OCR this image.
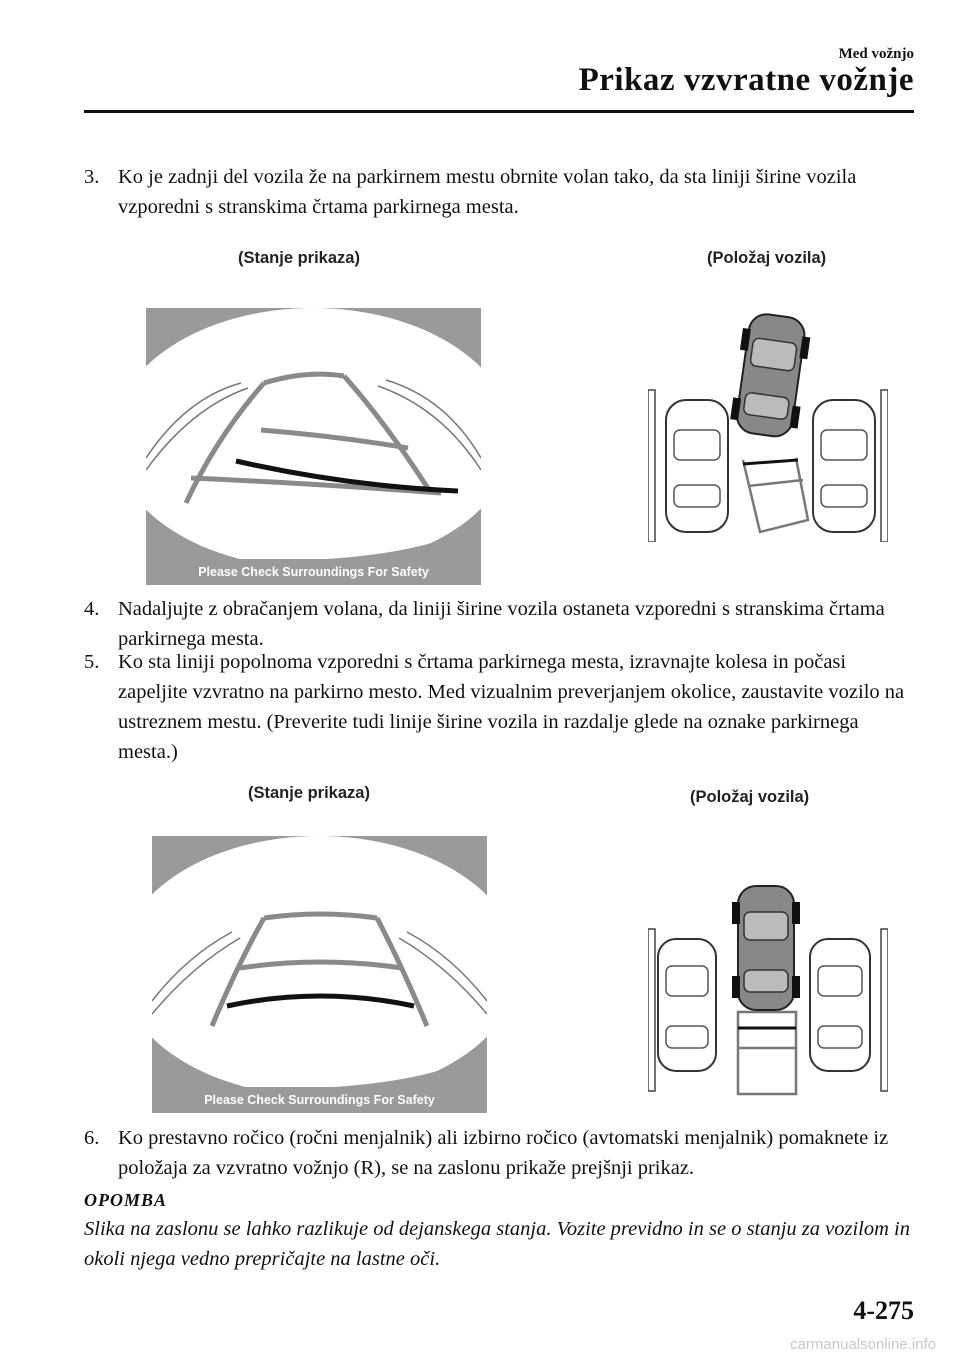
Med vožnjo
Prikaz vzvratne vožnje
3. Ko je zadnji del vozila že na parkirnem mestu obrnite volan tako, da sta liniji širine vozila vzporedni s stranskima črtama parkirnega mesta.
(Stanje prikaza)	(Položaj vozila)
Please Check Surroundings For Safety
4. Nadaljujte z obračanjem volana, da liniji širine vozila ostaneta vzporedni s stranskima črtama parkirnega mesta.
5. Ko sta liniji popolnoma vzporedni s črtama parkirnega mesta, izravnajte kolesa in počasi zapeljite vzvratno na parkirno mesto. Med vizualnim preverjanjem okolice, zaustavite vozilo na ustreznem mestu. (Preverite tudi linije širine vozila in razdalje glede na oznake parkirnega mesta.)
(Stanje prikaza)	(Položaj vozila)
Please Check Surroundings For Safety
6. Ko prestavno ročico (ročni menjalnik) ali izbirno ročico (avtomatski menjalnik) pomaknete iz položaja za vzvratno vožnjo (R), se na zaslonu prikaže prejšnji prikaz.
OPOMBA
Slika na zaslonu se lahko razlikuje od dejanskega stanja. Vozite previdno in se o stanju za vozilom in okoli njega vedno prepričajte na lastne oči.
4-275
carmanualsonline.info
